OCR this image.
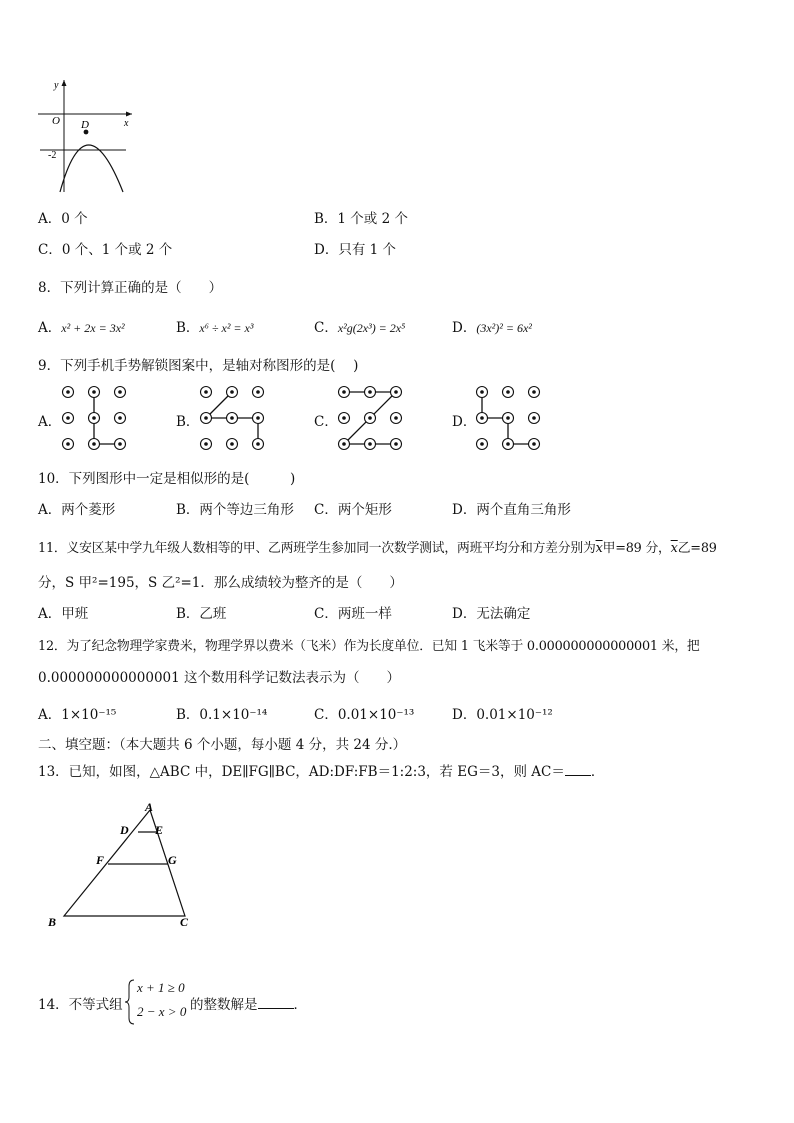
y
x
O D
-2
A．0 个	B．1 个或 2 个
C．0 个、1 个或 2 个	D．只有 1 个
8．下列计算正确的是（　　）
A．x² + 2x = 3x²	B．x⁶ ÷ x² = x³	C．x²g(2x³) = 2x⁵	D．(3x²)² = 6x²
9．下列手机手势解锁图案中，是轴对称图形的是(　 )
A．	B．	C．	D．
10．下列图形中一定是相似形的是(　　　)
A．两个菱形	B．两个等边三角形 C．两个矩形	D．两个直角三角形
11．义安区某中学九年级人数相等的甲、乙两班学生参加同一次数学测试，两班平均分和方差分别为$\overline{x}$甲=89 分，$\overline{x}$乙=89
分，S 甲²=195，S 乙²=1．那么成绩较为整齐的是（　　）
A．甲班	B．乙班	C．两班一样	D．无法确定
12．为了纪念物理学家费米，物理学界以费米（飞米）作为长度单位．已知 1 飞米等于 0.000000000000001 米，把
0.000000000000001 这个数用科学记数法表示为（　　）
A．1×10⁻¹⁵	B．0.1×10⁻¹⁴	C．0.01×10⁻¹³	D．0.01×10⁻¹²
二、填空题：（本大题共 6 个小题，每小题 4 分，共 24 分.）
13．已知，如图，△ABC 中，DE∥FG∥BC，AD:DF:FB＝1:2:3，若 EG＝3，则 AC＝ ．
A
D E
F	G
B	C
14．不等式组
x + 1 ≥ 0
2 − x > 0 的整数解是	．
